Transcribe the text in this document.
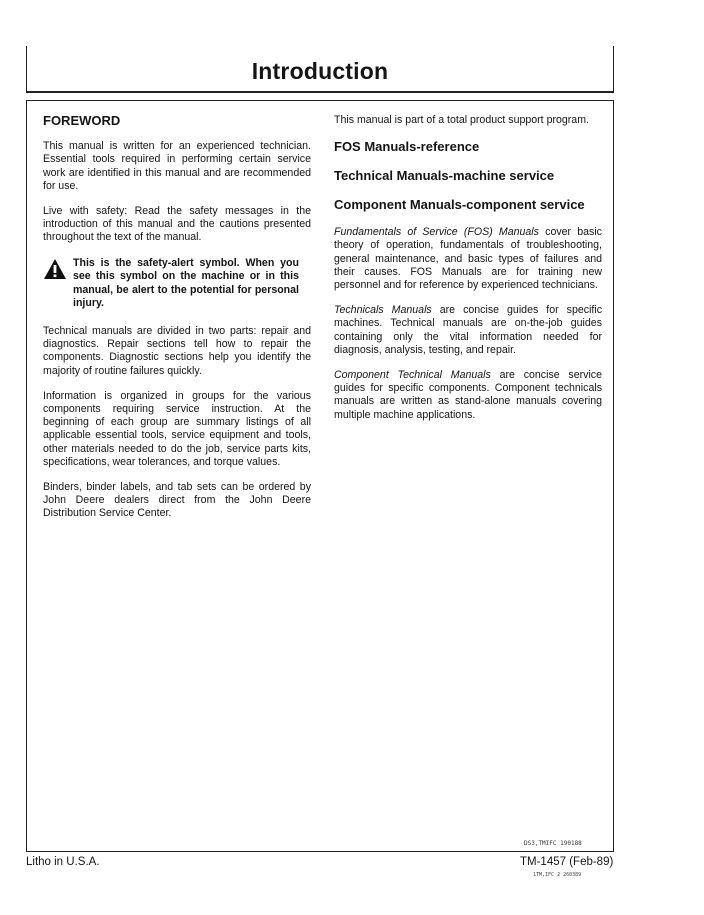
Introduction
FOREWORD

This manual is written for an experienced technician. Essential tools required in performing certain service work are identified in this manual and are recommended for use.

Live with safety: Read the safety messages in the introduction of this manual and the cautions presented throughout the text of the manual.

This is the safety-alert symbol. When you see this symbol on the machine or in this manual, be alert to the potential for personal injury.

Technical manuals are divided in two parts: repair and diagnostics. Repair sections tell how to repair the components. Diagnostic sections help you identify the majority of routine failures quickly.

Information is organized in groups for the various components requiring service instruction. At the beginning of each group are summary listings of all applicable essential tools, service equipment and tools, other materials needed to do the job, service parts kits, specifications, wear tolerances, and torque values.

Binders, binder labels, and tab sets can be ordered by John Deere dealers direct from the John Deere Distribution Service Center.

This manual is part of a total product support program.
FOS Manuals-reference
Technical Manuals-machine service
Component Manuals-component service

Fundamentals of Service (FOS) Manuals cover basic theory of operation, fundamentals of troubleshooting, general maintenance, and basic types of failures and their causes. FOS Manuals are for training new personnel and for reference by experienced technicians.

Technicals Manuals are concise guides for specific machines. Technical manuals are on-the-job guides containing only the vital information needed for diagnosis, analysis, testing, and repair.

Component Technical Manuals are concise service guides for specific components. Component technicals manuals are written as stand-alone manuals covering multiple machine applications.

DS3,TMIFC 190188
Litho in U.S.A.	TM-1457 (Feb-89)
1TM,IFC 2 260389
